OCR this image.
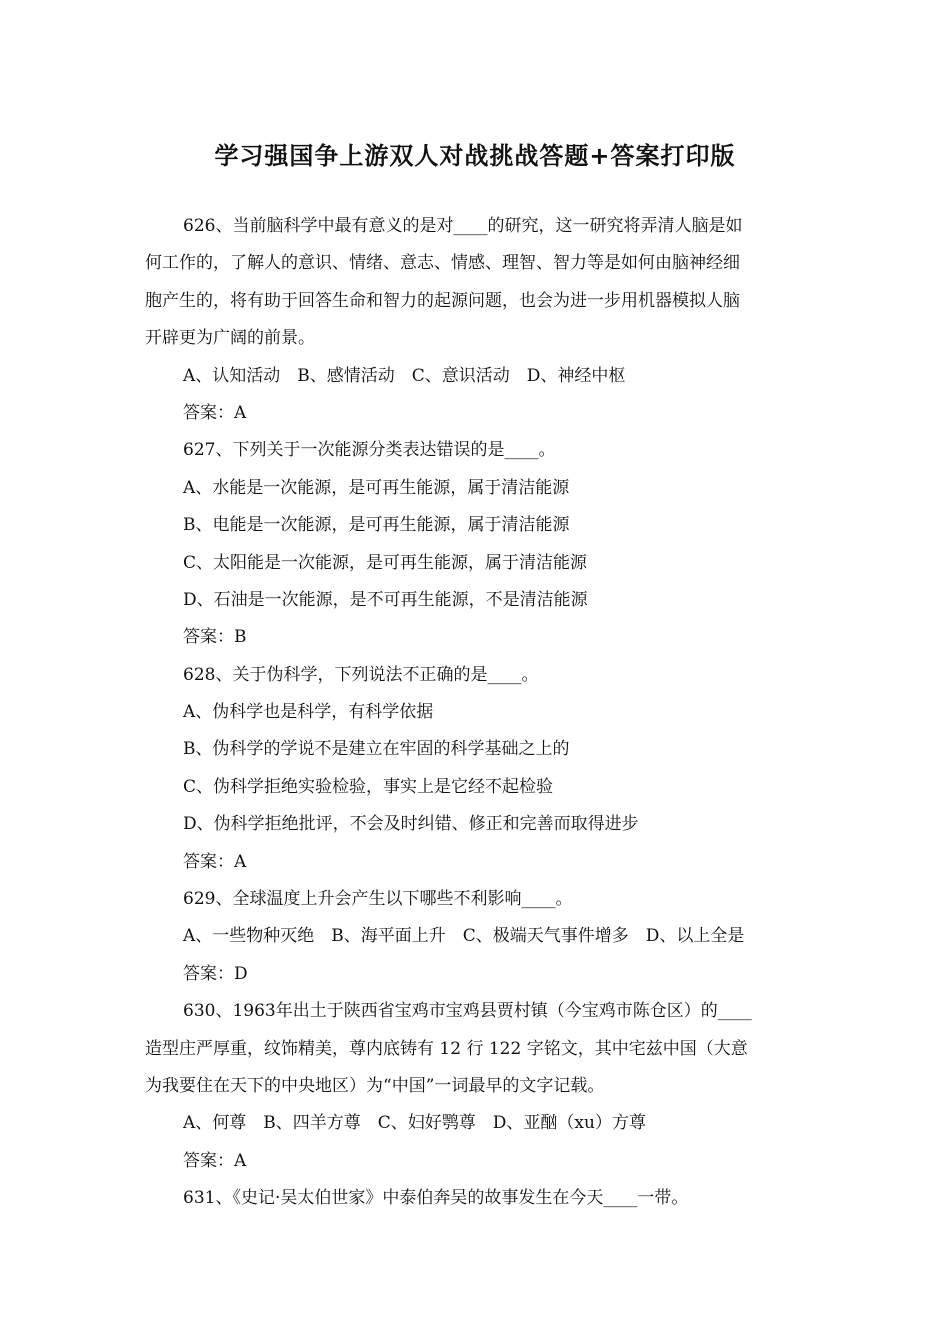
学习强国争上游双人对战挑战答题+答案打印版
626、当前脑科学中最有意义的是对____的研究，这一研究将弄清人脑是如
何工作的，了解人的意识、情绪、意志、情感、理智、智力等是如何由脑神经细
胞产生的，将有助于回答生命和智力的起源问题，也会为进一步用机器模拟人脑
开辟更为广阔的前景。
A、认知活动　B、感情活动　C、意识活动　D、神经中枢
答案：A
627、下列关于一次能源分类表达错误的是____。
A、水能是一次能源，是可再生能源，属于清洁能源
B、电能是一次能源，是可再生能源，属于清洁能源
C、太阳能是一次能源，是可再生能源，属于清洁能源
D、石油是一次能源，是不可再生能源，不是清洁能源
答案：B
628、关于伪科学，下列说法不正确的是____。
A、伪科学也是科学，有科学依据
B、伪科学的学说不是建立在牢固的科学基础之上的
C、伪科学拒绝实验检验，事实上是它经不起检验
D、伪科学拒绝批评，不会及时纠错、修正和完善而取得进步
答案：A
629、全球温度上升会产生以下哪些不利影响____。
A、一些物种灭绝　B、海平面上升　C、极端天气事件增多　D、以上全是
答案：D
630、1963年出土于陕西省宝鸡市宝鸡县贾村镇（今宝鸡市陈仓区）的____
造型庄严厚重，纹饰精美，尊内底铸有 12 行 122 字铭文，其中宅兹中国（大意
为我要住在天下的中央地区）为“中国”一词最早的文字记载。
A、何尊　B、四羊方尊　C、妇好鹗尊　D、亚酗（xu）方尊
答案：A
631、《史记·吴太伯世家》中泰伯奔吴的故事发生在今天____一带。
